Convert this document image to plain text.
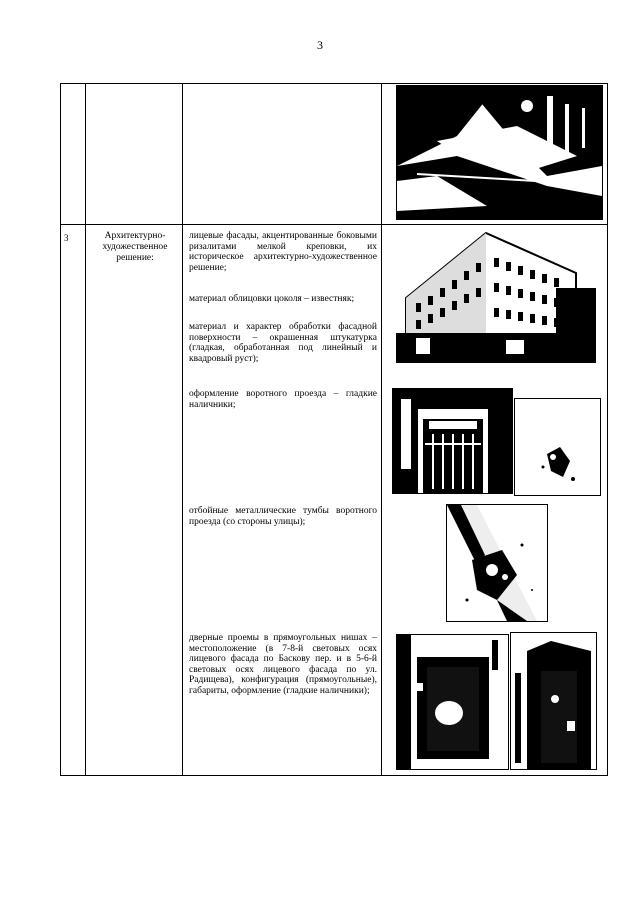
3
3	Архитектурно-художественное решение:
лицевые фасады, акцентированные боковыми ризалитами мелкой креповки, их историческое архитектурно-художественное решение;
материал облицовки цоколя – известняк;
материал и характер обработки фасадной поверхности – окрашенная штукатурка (гладкая, обработанная под линейный и квадровый руст);
оформление воротного проезда – гладкие наличники;
отбойные металлические тумбы воротного проезда (со стороны улицы);
дверные проемы в прямоугольных нишах – местоположение (в 7-8-й световых осях лицевого фасада по Баскову пер. и в 5-6-й световых осях лицевого фасада по ул. Радищева), конфигурация (прямоугольные), габариты, оформление (гладкие наличники);
196
